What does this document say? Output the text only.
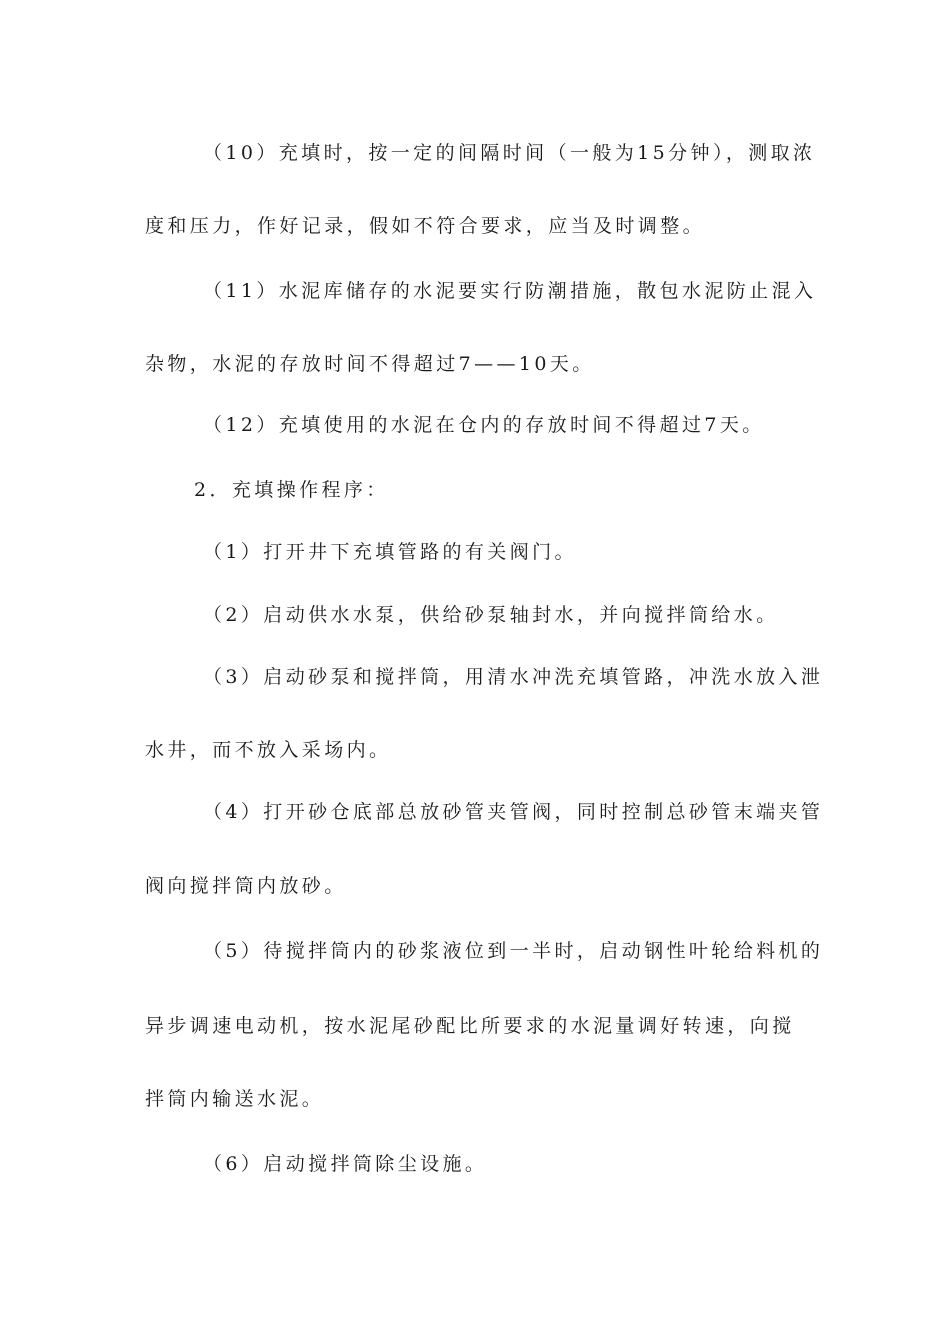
（10）充填时，按一定的间隔时间（一般为15分钟），测取浓
度和压力，作好记录，假如不符合要求，应当及时调整。
（11）水泥库储存的水泥要实行防潮措施，散包水泥防止混入
杂物，水泥的存放时间不得超过7——10天。
（12）充填使用的水泥在仓内的存放时间不得超过7天。
2．充填操作程序：
（1）打开井下充填管路的有关阀门。
（2）启动供水水泵，供给砂泵轴封水，并向搅拌筒给水。
（3）启动砂泵和搅拌筒，用清水冲洗充填管路，冲洗水放入泄
水井，而不放入采场内。
（4）打开砂仓底部总放砂管夹管阀，同时控制总砂管末端夹管
阀向搅拌筒内放砂。
（5）待搅拌筒内的砂浆液位到一半时，启动钢性叶轮给料机的
异步调速电动机，按水泥尾砂配比所要求的水泥量调好转速，向搅
拌筒内输送水泥。
（6）启动搅拌筒除尘设施。
